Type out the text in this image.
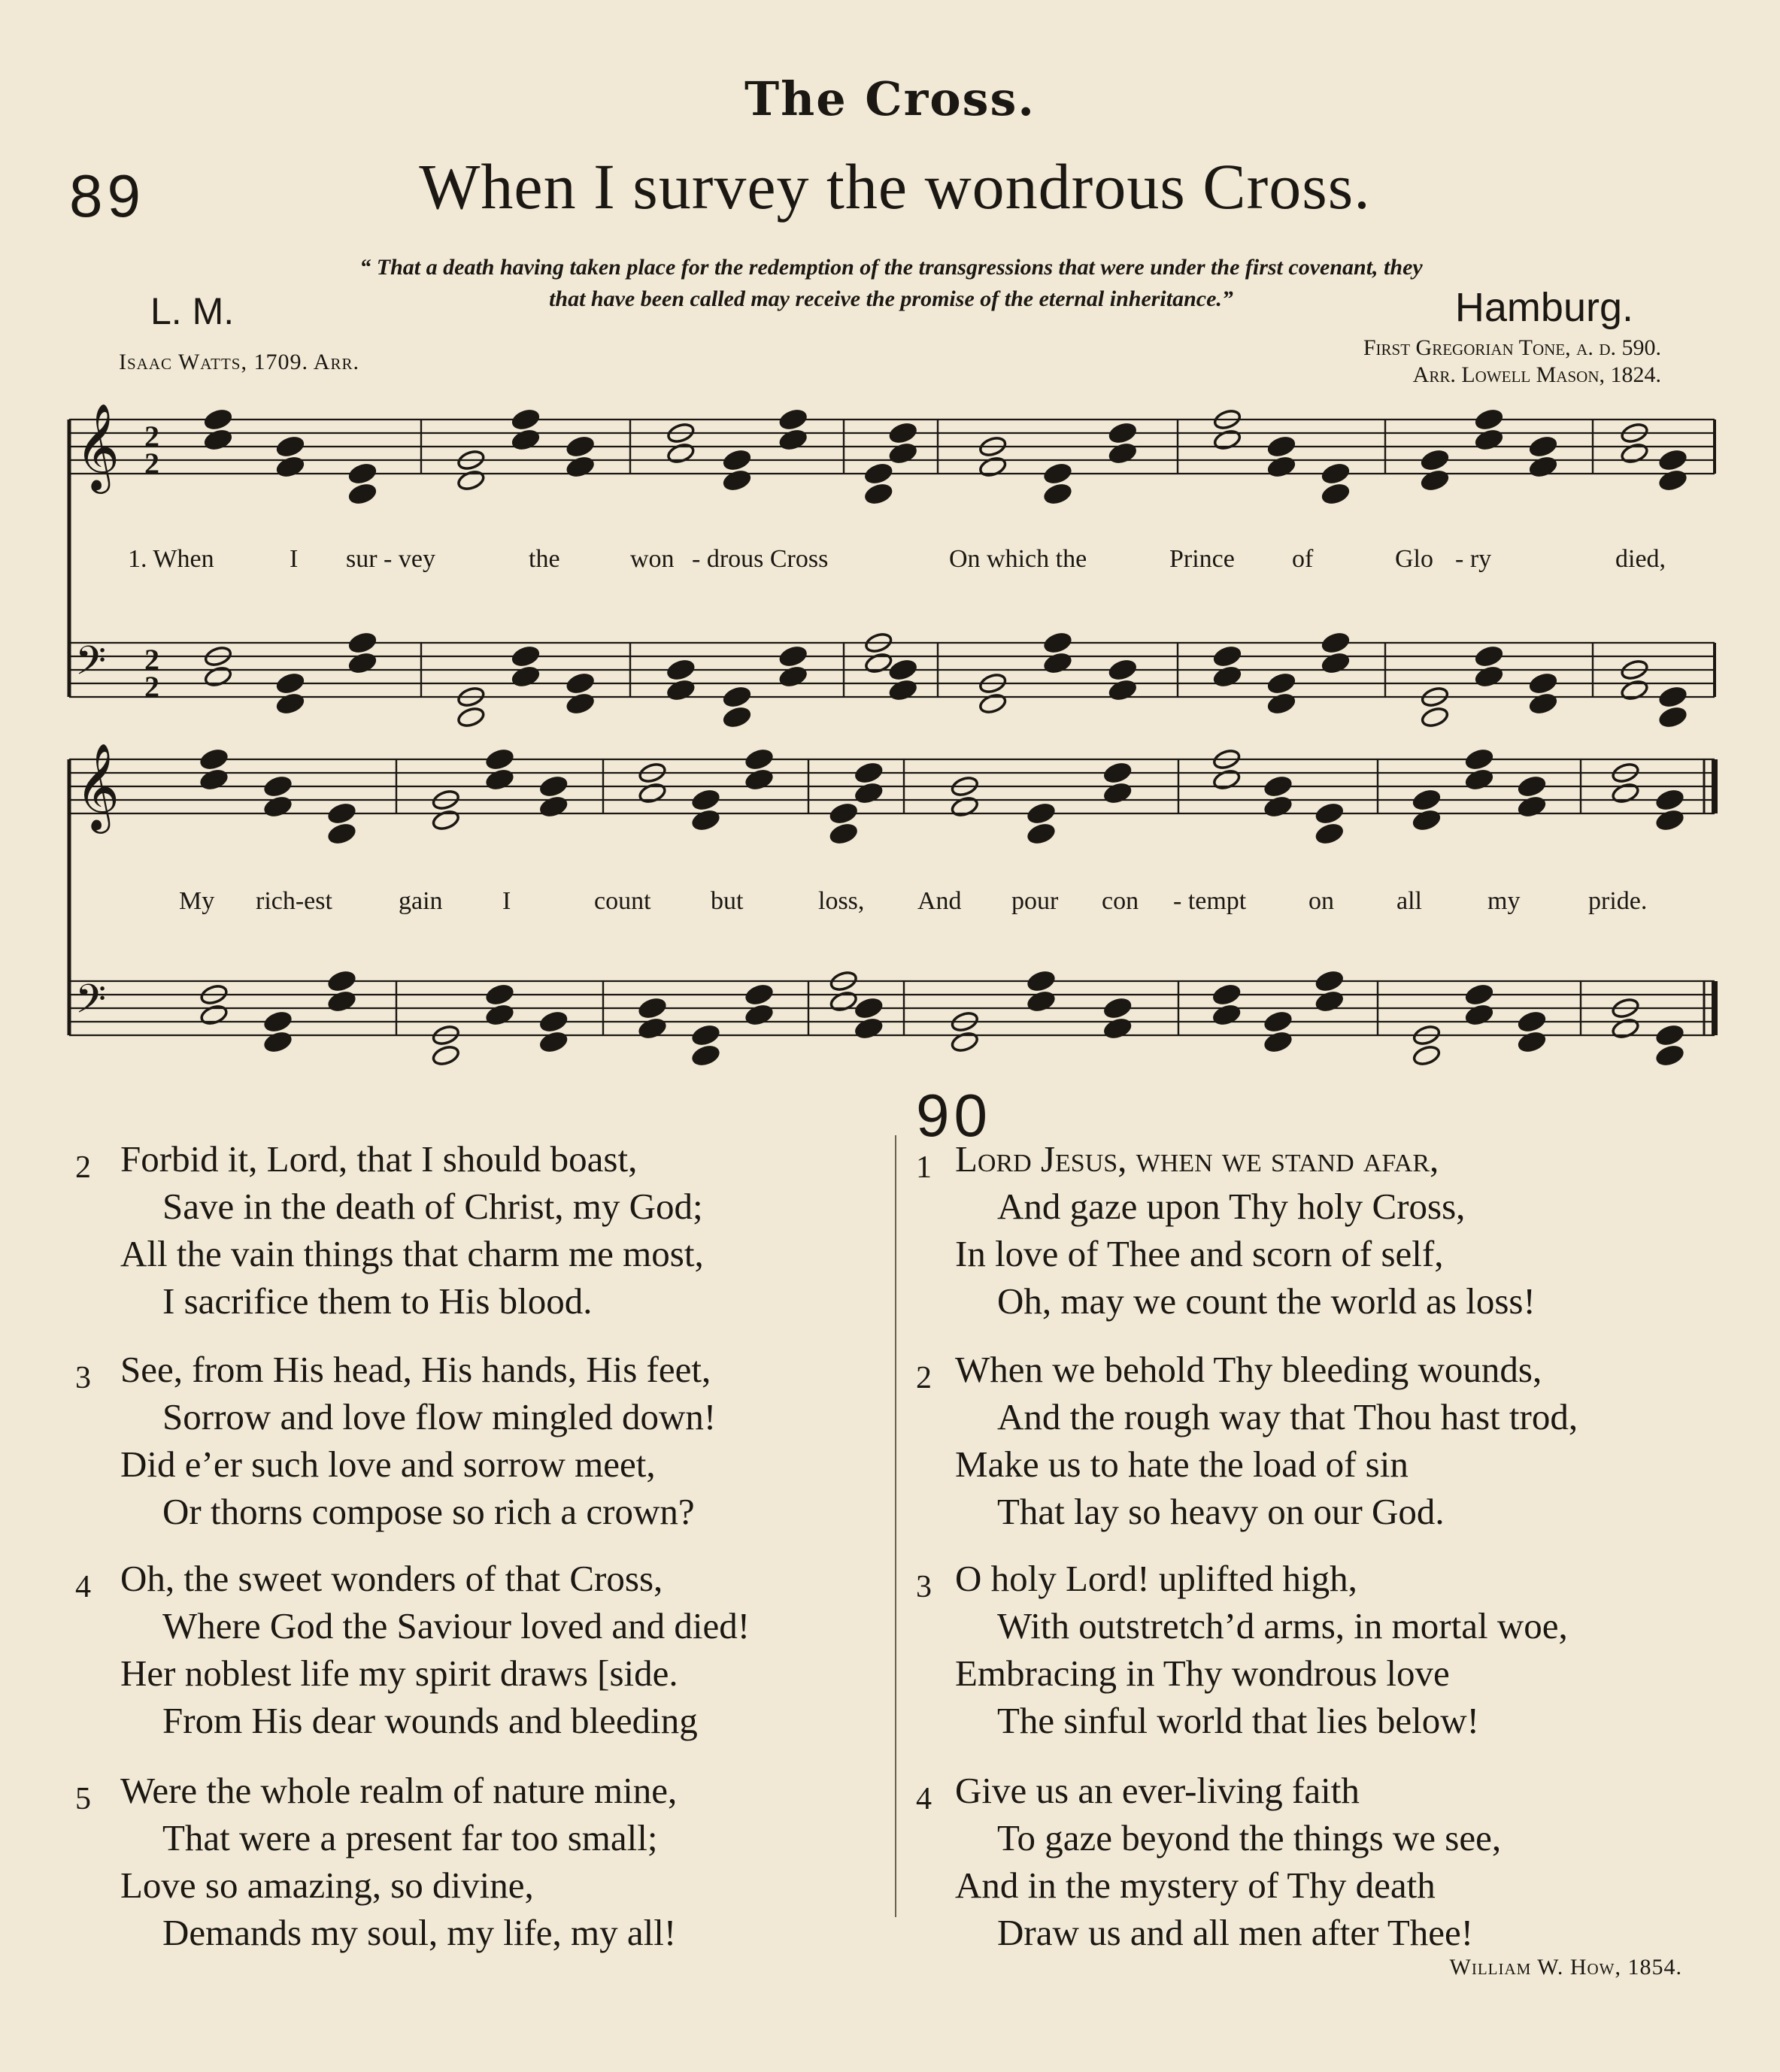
The Cross.
89	When I survey the wondrous Cross.
“ That a death having taken place for the redemption of the transgressions that were under the first covenant, they
that have been called may receive the promise of the eternal inheritance.”
L. M.	Hamburg.
Isaac Watts, 1709. Arr.
First Gregorian Tone, a. d. 590.
Arr. Lowell Mason, 1824.
𝄞 2
2
𝄢 2
2
𝄞
𝄢
1. When	I sur - vey	the	won - drous Cross	On which the	Prince of	Glo - ry	died,
My rich-est	gain I	count but	loss, And pour con - tempt on all	my	pride.
90
2 Forbid it, Lord, that I should boast,
Save in the death of Christ, my God;
All the vain things that charm me most,
I sacrifice them to His blood.
3 See, from His head, His hands, His feet,
Sorrow and love flow mingled down!
Did e’er such love and sorrow meet,
Or thorns compose so rich a crown?
4 Oh, the sweet wonders of that Cross,
Where God the Saviour loved and died!
Her noblest life my spirit draws [side.
From His dear wounds and bleeding
5 Were the whole realm of nature mine,
That were a present far too small;
Love so amazing, so divine,
Demands my soul, my life, my all!
1 Lord Jesus, when we stand afar,
And gaze upon Thy holy Cross,
In love of Thee and scorn of self,
Oh, may we count the world as loss!
2 When we behold Thy bleeding wounds,
And the rough way that Thou hast trod,
Make us to hate the load of sin
That lay so heavy on our God.
3 O holy Lord! uplifted high,
With outstretch’d arms, in mortal woe,
Embracing in Thy wondrous love
The sinful world that lies below!
4 Give us an ever-living faith
To gaze beyond the things we see,
And in the mystery of Thy death
Draw us and all men after Thee!
William W. How, 1854.
